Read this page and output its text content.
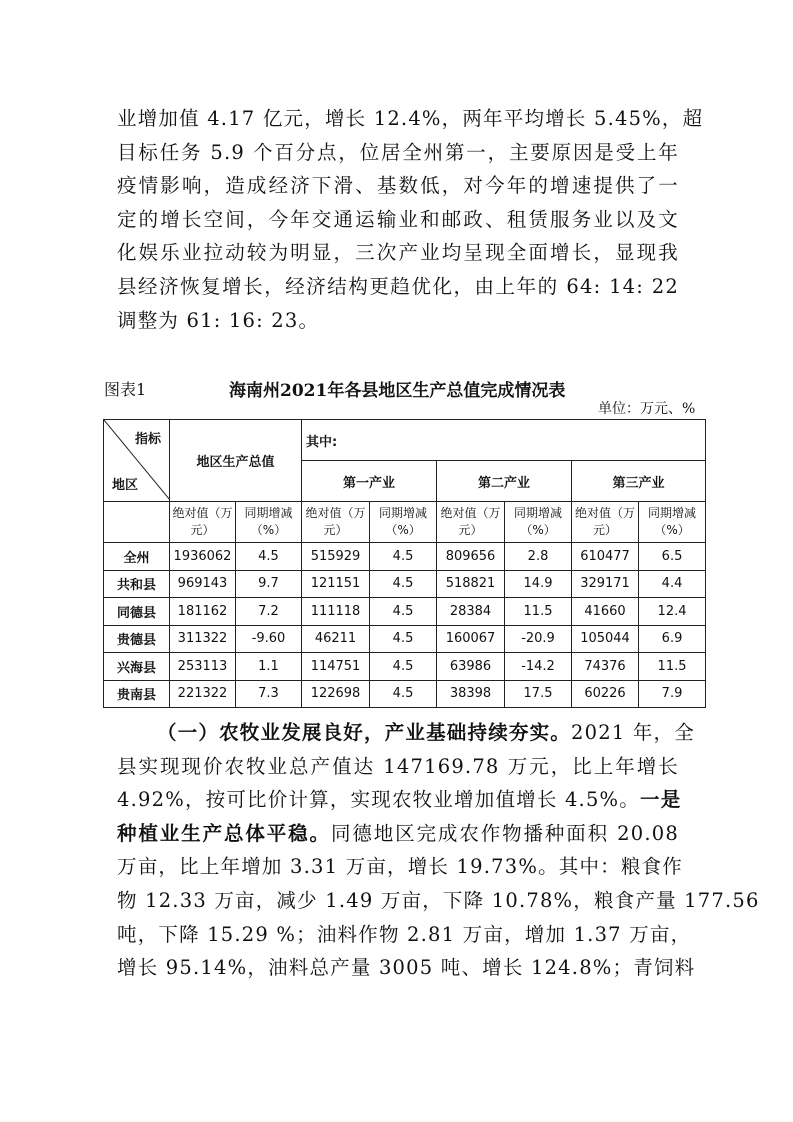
业增加值 4.17 亿元，增长 12.4%，两年平均增长 5.45%，超
目标任务 5.9 个百分点，位居全州第一，主要原因是受上年
疫情影响，造成经济下滑、基数低，对今年的增速提供了一
定的增长空间，今年交通运输业和邮政、租赁服务业以及文
化娱乐业拉动较为明显，三次产业均呈现全面增长，显现我
县经济恢复增长，经济结构更趋优化，由上年的 64: 14: 22
调整为 61: 16: 23。
图表1	海南州2021年各县地区生产总值完成情况表
单位：万元、%
指标
地区	地区生产总值		其中:					
			第一产业		第二产业		第三产业	
	绝对值（万元）	同期增减（%）	绝对值（万元）	同期增减（%）	绝对值（万元）	同期增减（%）	绝对值（万元）	同期增减（%）
全州	1936062	4.5	515929	4.5	809656	2.8	610477	6.5
共和县	969143	9.7	121151	4.5	518821	14.9	329171	4.4
同德县	181162	7.2	111118	4.5	28384	11.5	41660	12.4
贵德县	311322	-9.60	46211	4.5	160067	-20.9	105044	6.9
兴海县	253113	1.1	114751	4.5	63986	-14.2	74376	11.5
贵南县	221322	7.3	122698	4.5	38398	17.5	60226	7.9
（一）农牧业发展良好，产业基础持续夯实。2021 年，全
县实现现价农牧业总产值达 147169.78 万元，比上年增长
4.92%，按可比价计算，实现农牧业增加值增长 4.5%。一是
种植业生产总体平稳。同德地区完成农作物播种面积 20.08
万亩，比上年增加 3.31 万亩，增长 19.73%。其中：粮食作
物 12.33 万亩，减少 1.49 万亩，下降 10.78%，粮食产量 177.56
吨，下降 15.29 %；油料作物 2.81 万亩，增加 1.37 万亩，
增长 95.14%，油料总产量 3005 吨、增长 124.8%；青饲料
